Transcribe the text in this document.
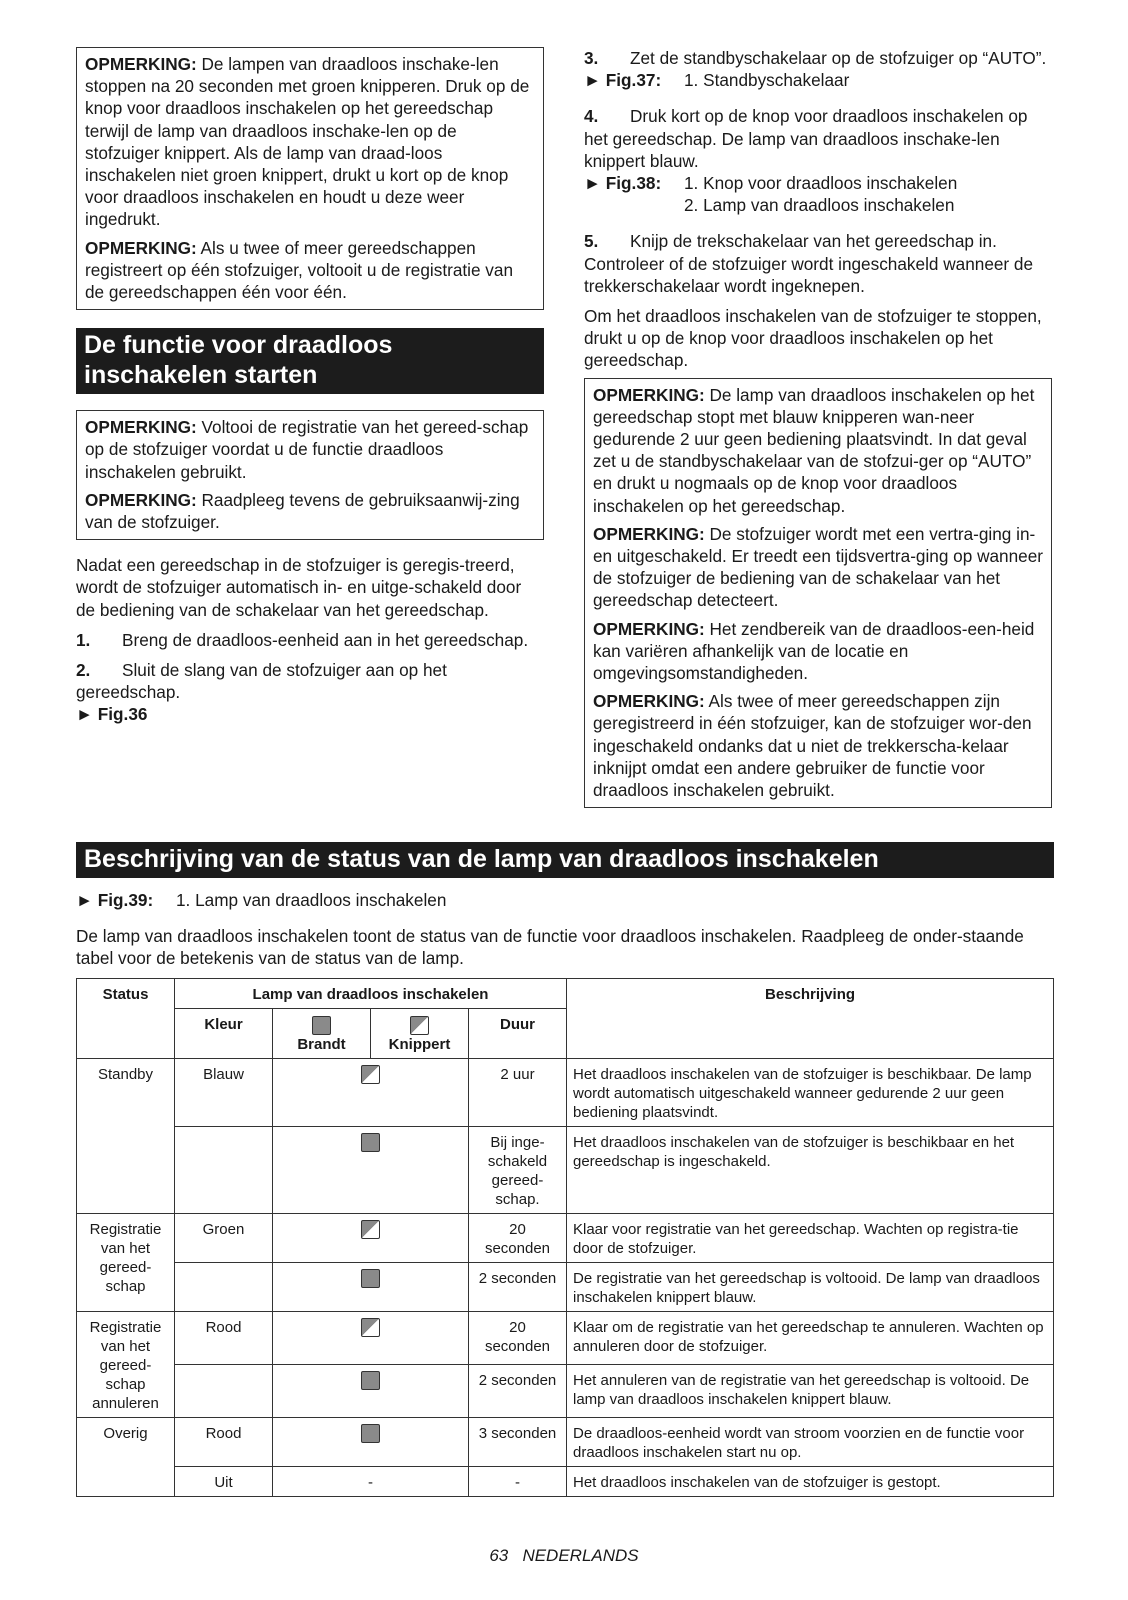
OPMERKING: De lampen van draadloos inschake-len stoppen na 20 seconden met groen knipperen. Druk op de knop voor draadloos inschakelen op het gereedschap terwijl de lamp van draadloos inschake-len op de stofzuiger knippert. Als de lamp van draad-loos inschakelen niet groen knippert, drukt u kort op de knop voor draadloos inschakelen en houdt u deze weer ingedrukt.

OPMERKING: Als u twee of meer gereedschappen registreert op één stofzuiger, voltooit u de registratie van de gereedschappen één voor één.

De functie voor draadloos inschakelen starten

OPMERKING: Voltooi de registratie van het gereed-schap op de stofzuiger voordat u de functie draadloos inschakelen gebruikt.

OPMERKING: Raadpleeg tevens de gebruiksaanwij-zing van de stofzuiger.

Nadat een gereedschap in de stofzuiger is geregis-treerd, wordt de stofzuiger automatisch in- en uitge-schakeld door de bediening van de schakelaar van het gereedschap.

1. Breng de draadloos-eenheid aan in het gereedschap.

2. Sluit de slang van de stofzuiger aan op het gereedschap.

► Fig.36

3. Zet de standbyschakelaar op de stofzuiger op “AUTO”.

► Fig.37:	1. Standbyschakelaar

4. Druk kort op de knop voor draadloos inschakelen op het gereedschap. De lamp van draadloos inschake-len knippert blauw.

► Fig.38:	1. Knop voor draadloos inschakelen
2. Lamp van draadloos inschakelen

5. Knijp de trekschakelaar van het gereedschap in. Controleer of de stofzuiger wordt ingeschakeld wanneer de trekkerschakelaar wordt ingeknepen.

Om het draadloos inschakelen van de stofzuiger te stoppen, drukt u op de knop voor draadloos inschakelen op het gereedschap.

OPMERKING: De lamp van draadloos inschakelen op het gereedschap stopt met blauw knipperen wan-neer gedurende 2 uur geen bediening plaatsvindt. In dat geval zet u de standbyschakelaar van de stofzui-ger op “AUTO” en drukt u nogmaals op de knop voor draadloos inschakelen op het gereedschap.

OPMERKING: De stofzuiger wordt met een vertra-ging in- en uitgeschakeld. Er treedt een tijdsvertra-ging op wanneer de stofzuiger de bediening van de schakelaar van het gereedschap detecteert.

OPMERKING: Het zendbereik van de draadloos-een-heid kan variëren afhankelijk van de locatie en omgevingsomstandigheden.

OPMERKING: Als twee of meer gereedschappen zijn geregistreerd in één stofzuiger, kan de stofzuiger wor-den ingeschakeld ondanks dat u niet de trekkerscha-kelaar inknijpt omdat een andere gebruiker de functie voor draadloos inschakelen gebruikt.

Beschrijving van de status van de lamp van draadloos inschakelen
► Fig.39:	1. Lamp van draadloos inschakelen

De lamp van draadloos inschakelen toont de status van de functie voor draadloos inschakelen. Raadpleeg de onder-staande tabel voor de betekenis van de status van de lamp.

Status	Lamp van draadloos inschakelen				Beschrijving
	Kleur	Brandt	Knippert	Duur	
Standby	Blauw			2 uur	Het draadloos inschakelen van de stofzuiger is beschikbaar. De lamp wordt automatisch uitgeschakeld wanneer gedurende 2 uur geen bediening plaatsvindt.
				Bij inge-schakeld gereed-schap.	Het draadloos inschakelen van de stofzuiger is beschikbaar en het gereedschap is ingeschakeld.
Registratie van het gereed-schap	Groen			20 seconden	Klaar voor registratie van het gereedschap. Wachten op registra-tie door de stofzuiger.
				2 seconden	De registratie van het gereedschap is voltooid. De lamp van draadloos inschakelen knippert blauw.
Registratie van het gereed-schap annuleren	Rood			20 seconden	Klaar om de registratie van het gereedschap te annuleren. Wachten op annuleren door de stofzuiger.
				2 seconden	Het annuleren van de registratie van het gereedschap is voltooid. De lamp van draadloos inschakelen knippert blauw.
Overig	Rood			3 seconden	De draadloos-eenheid wordt van stroom voorzien en de functie voor draadloos inschakelen start nu op.
	Uit	-		-	Het draadloos inschakelen van de stofzuiger is gestopt.
63 NEDERLANDS
